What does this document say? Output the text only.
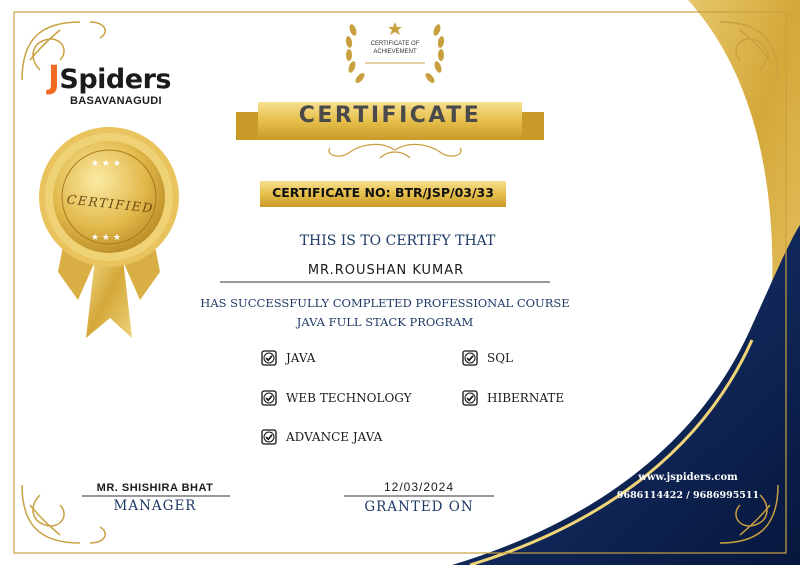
★ ★ ★
★ ★ ★
CERTIFIED
JSpiders
BASAVANAGUDI
CERTIFICATE OF
ACHIEVEMENT
CERTIFICATE
CERTIFICATE NO: BTR/JSP/03/33
THIS IS TO CERTIFY THAT
MR.ROUSHAN KUMAR
HAS SUCCESSFULLY COMPLETED PROFESSIONAL COURSE
JAVA FULL STACK PROGRAM
JAVA	SQL
WEB TECHNOLOGY	HIBERNATE
ADVANCE JAVA
MR. SHISHIRA BHAT
MANAGER
12/03/2024
GRANTED ON
www.jspiders.com
9686114422 / 9686995511
